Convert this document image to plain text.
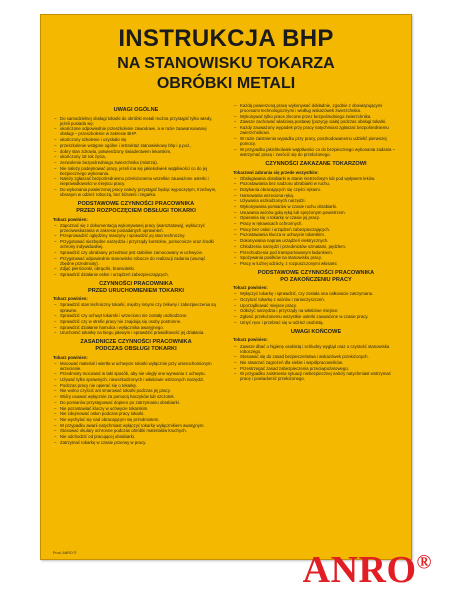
INSTRUKCJA BHP
NA STANOWISKU TOKARZA
OBRÓBKI METALI
UWAGI OGÓLNE
– Do samodzielnej obsługi tokarki do obróbki metali można przystąpić tylko wtedy, jeżeli posiada się:
– ukończone odpowiednie przeszkolenie zawodowe, a w razie zaawansowanej obsługi – przeszkolenie w zakresie BHP.
– ukończony szkolenie i uzyskało się
– przeszkolenie wstępne ogólne i instruktaż stanowiskowy bhp i p.poż.,
– dobry stan zdrowia, potwierdzony świadectwem lekarskim,
– ukończony 18 rok życia,
– zezwolenie bezpośredniego zwierzchnika (mistrza).
– Nie należy podejmować pracy, jeżeli ma się jakiekolwiek wątpliwości co do jej bezpiecznego wykonania.
– Należy zgłaszać bezpośredniemu przełożonemu wszelkie zauważone usterki i nieprawidłowości w miejscu pracy.
– Do wykonania powierzonej pracy należy przystąpić będąc wypoczętym, trzeźwym, ubranym w odzież roboczą, bez biżuterii i zegarka.
PODSTAWOWE CZYNNOŚCI PRACOWNIKA
PRZED ROZPOCZĘCIEM OBSŁUGI TOKARKI
Tokarz powinien:
– Zapoznać się z dokumentacją wykonywanej pracy (warsztatową), wykluczyć przeciwwskazania w zakresie posiadanych uprawnień.
– Przeprowadzić oględziny maszyny i sprawdzić jej stan techniczny.
– Przygotować niezbędne narzędzia i przyrządy kontrolne, pomocnicze oraz środki ochrony indywidualnej.
– Sprawdzić czy obrabiany przedmiot jest stabilnie zamocowany w uchwycie.
– Przygotować odpowiednie stanowisko robocze do realizacji zadania (usunąć zbędne przedmioty).
– Zdjąć pierścionki, obrączki, bransoletki.
– Sprawdzić działanie osłon i urządzeń zabezpieczających.
CZYNNOŚCI PRACOWNIKA
PRZED URUCHOMIENIEM TOKARKI
Tokarz powinien:
– Sprawdzić stan techniczny tokarki, między innymi czy żeliwny i zabezpieczenia są sprawne.
– Sprawdzić czy uchwyt tokarski i wrzeciono nie zostały uszkodzone.
– Sprawdzić czy w strefie pracy nie znajdują się osoby postronne.
– Sprawdzić działanie hamulca i wyłącznika awaryjnego.
– Uruchomić tokarkę na biegu jałowym i sprawdzić prawidłowość jej działania.
ZASADNICZE CZYNNOŚCI PRACOWNIKA
PODCZAS OBSŁUGI TOKARKI
Tokarz powinien:
– Mocować materiał i wiertła w uchwycie tokarki wyłącznie przy unieruchomionym wrzecionie.
– Przedmioty mocować w taki sposób, aby nie uległy one wyrwaniu z uchwytu.
– Używać tylko sprawnych, nieuszkodzonych i właściwie ostrzonych narzędzi.
– Podczas pracy nie opierać się o tokarkę.
– Nie wolno czyścić ani smarować tokarki podczas jej pracy.
– Wióry usuwać wyłącznie za pomocą haczyków lub szczotek.
– Do pomiarów przystępować dopiero po zatrzymaniu obrabiarki.
– Nie pozostawiać kluczy w uchwycie tokarskim.
– Nie zdejmować osłon podczas pracy tokarki.
– Nie wychylać się nad obracającym się przedmiotem.
– W przypadku awarii natychmiast wyłączyć tokarkę wyłącznikiem awaryjnym.
– Stosować okulary ochronne podczas obróbki materiałów kruchych.
– Nie odchodzić od pracującej obrabiarki.
– Zatrzymać tokarkę w czasie przerwy w pracy.
– Każdą powierzoną pracę wykonywać dokładnie, zgodnie z obowiązującymi procesami technologicznymi i według wskazówek zwierzchnika.
– Wykonywać tylko prace zlecone przez bezpośredniego zwierzchnika.
– Zawsze zachować właściwą postawę (pozycję ciała) podczas obsługi tokarki.
– Każdy zauważony wypadek przy pracy natychmiast zgłaszać bezpośredniemu zwierzchnikowi.
– W razie zaistnienia wypadku przy pracy, poszkodowanemu udzielić pierwszej pomocy.
– W przypadku jakichkolwiek wątpliwości co do bezpiecznego wykonania zadania – wstrzymać pracę i zwrócić się do przełożonego.
CZYNNOŚCI ZAKAZANE TOKARZOWI
Tokarzowi zabrania się przede wszystkim:
– Obsługiwania obrabiarki w stanie nietrzeźwym lub pod wpływem leków.
– Pozostawiania bez nadzoru obrabiarki w ruchu.
– Dotykania obracających się części rękami.
– Hamowania wrzeciona ręką.
– Używania uszkodzonych narzędzi.
– Wykonywania pomiarów w czasie ruchu obrabiarki.
– Usuwania wiórów gołą ręką lub sprężonym powietrzem.
– Opierania się o tokarkę w czasie jej pracy.
– Pracy w rękawicach ochronnych.
– Pracy bez osłon i urządzeń zabezpieczających.
– Pozostawiania klucza w uchwycie tokarskim.
– Dokonywania napraw urządzeń elektrycznych.
– Chłodzenia narzędzi i przedmiotów szmatami, pędzlem.
– Przechodzenia pod transportowanym ładunkiem.
– Spożywania posiłków na stanowisku pracy.
– Pracy w luźnej odzieży, z rozpuszczonymi włosami.
PODSTAWOWE CZYNNOŚCI PRACOWNIKA
PO ZAKOŃCZENIU PRACY
Tokarz powinien:
– Wyłączyć tokarkę i sprawdzić, czy została ona całkowicie zatrzymana.
– Oczyścić tokarkę z wiórów i zanieczyszczeń.
– Uporządkować miejsce pracy.
– Odłożyć narzędzia i przyrządy na właściwe miejsce.
– Zgłosić przełożonemu wszystkie usterki zauważone w czasie pracy.
– Umyć ręce i przebrać się w odzież osobistą.
UWAGI KOŃCOWE
Tokarz powinien:
– Zawsze dbać o higienę osobistą i schludny wygląd oraz o czystość stanowiska roboczego.
– Stosować się do zasad bezpieczeństwa i wskazówek przełożonych.
– Nie stwarzać zagrożeń dla siebie i współpracowników.
– Przestrzegać zasad zabezpieczenia przeciwpożarowego.
– W przypadku zaistnienia sytuacji niebezpiecznej należy natychmiast wstrzymać pracę i powiadomić przełożonego.
Prod. ANRO ®	ANRO®
